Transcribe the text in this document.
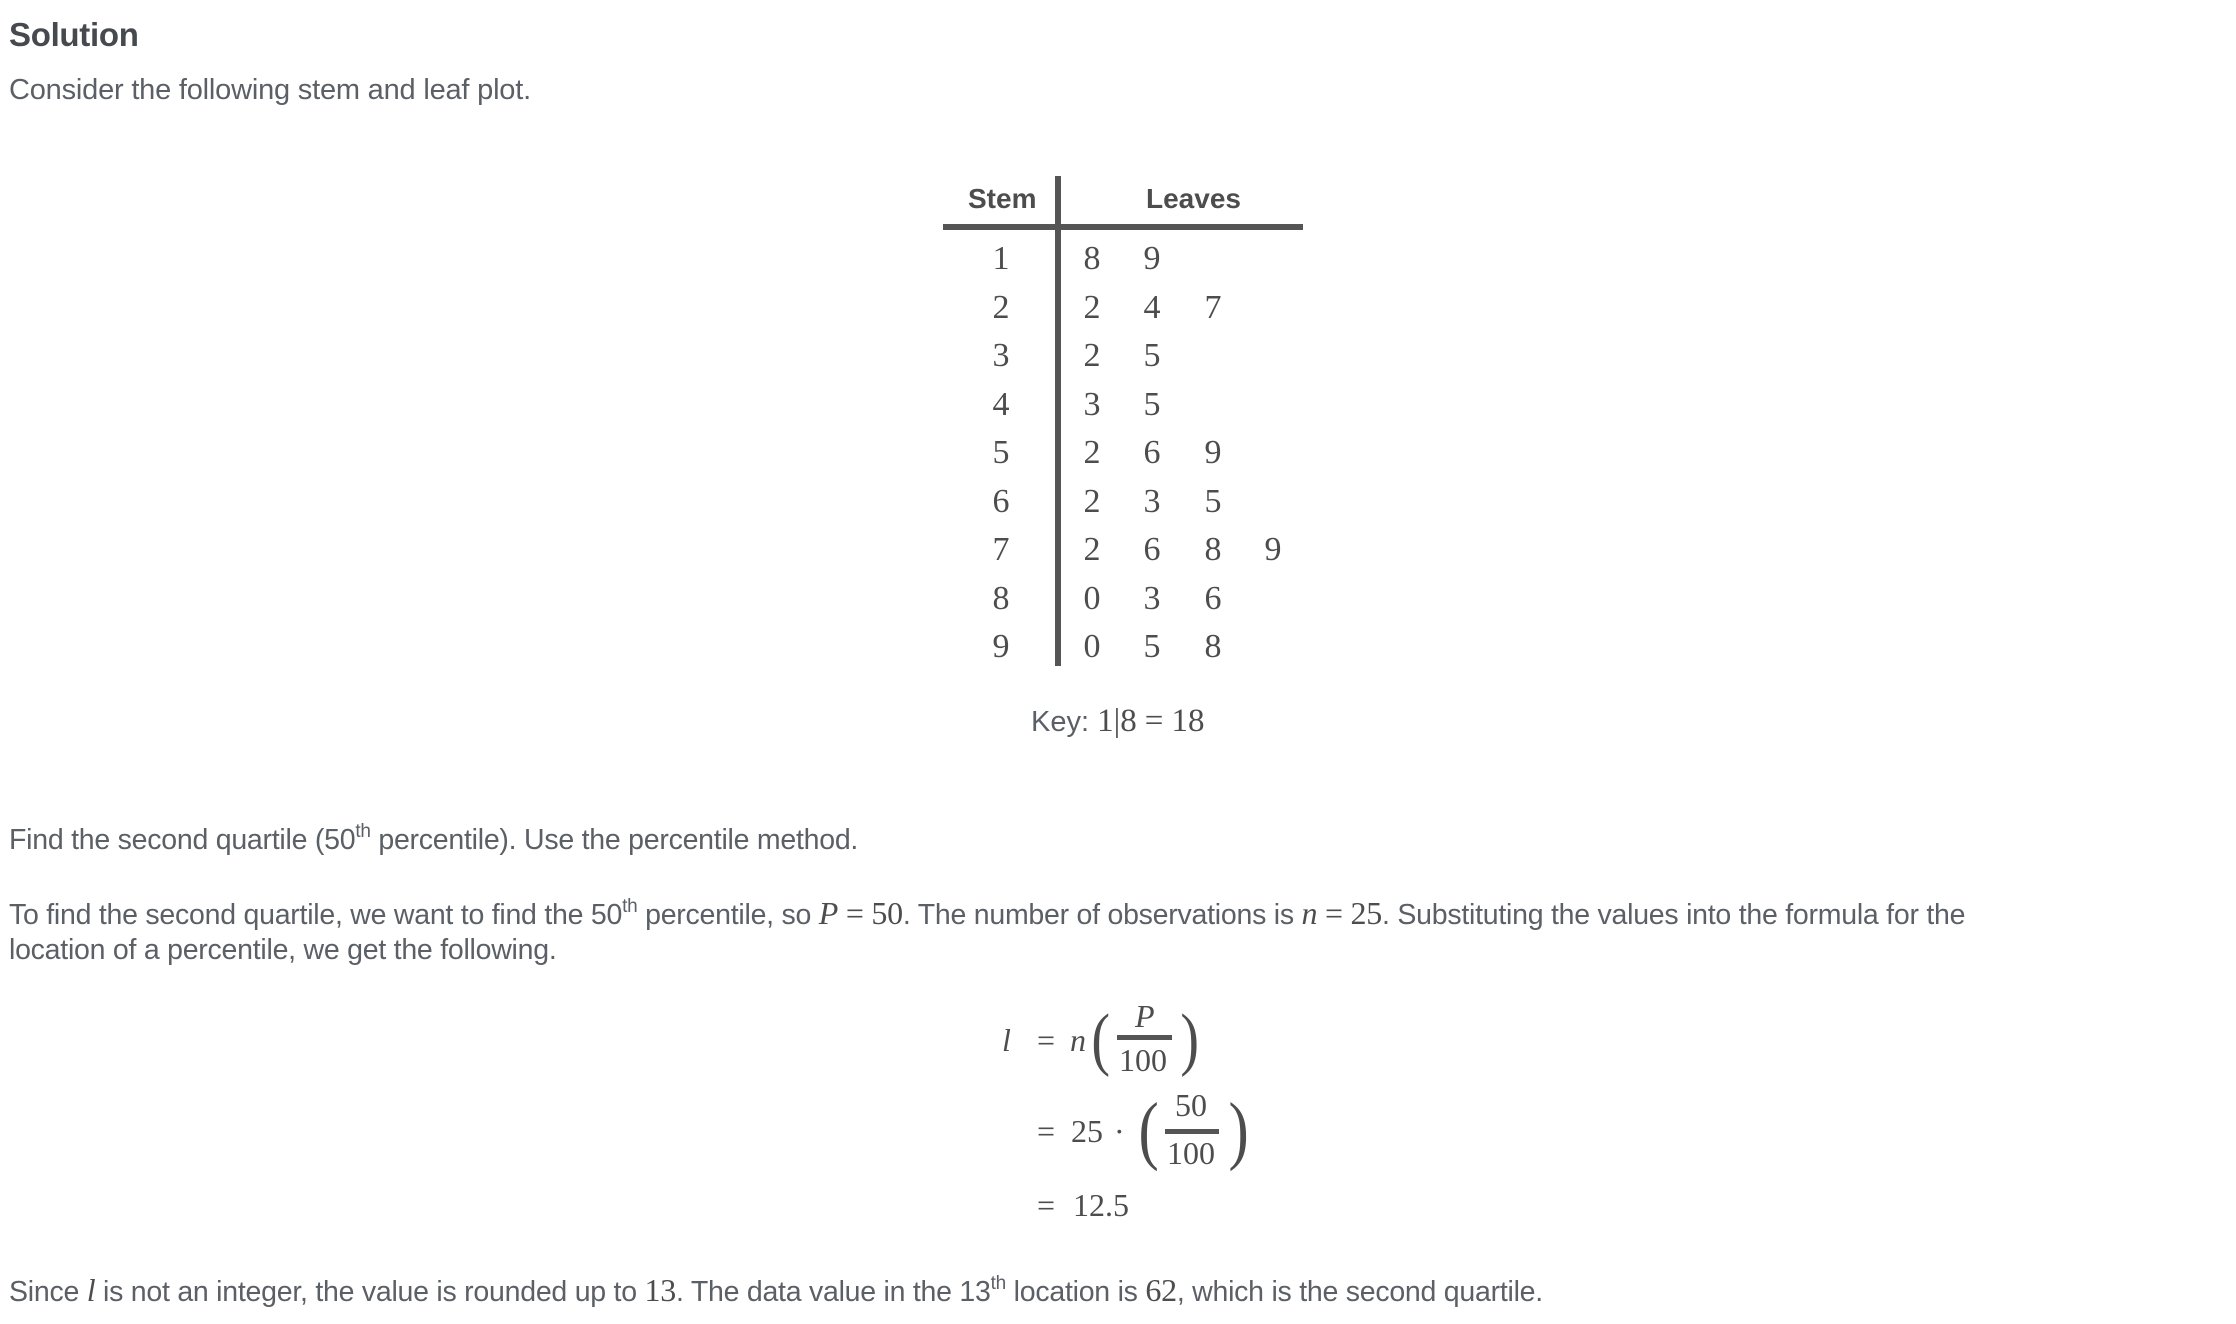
Solution
Consider the following stem and leaf plot.
Stem	Leaves
1 8 9
2 2 4 7
3 2 5
4 3 5
5 2 6 9
6 2 3 5
7 2 6 8 9
8 0 3 6
9 0 5 8
Key: 1|8 = 18
Find the second quartile (50th percentile). Use the percentile method.
To find the second quartile, we want to find the 50th percentile, so P = 50. The number of observations is n = 25. Substituting the values into the formula for the
location of a percentile, we get the following.
l = n ( P
100 )
= 25 · ( 50
100 )
= 12.5
Since l is not an integer, the value is rounded up to 13. The data value in the 13th location is 62, which is the second quartile.
